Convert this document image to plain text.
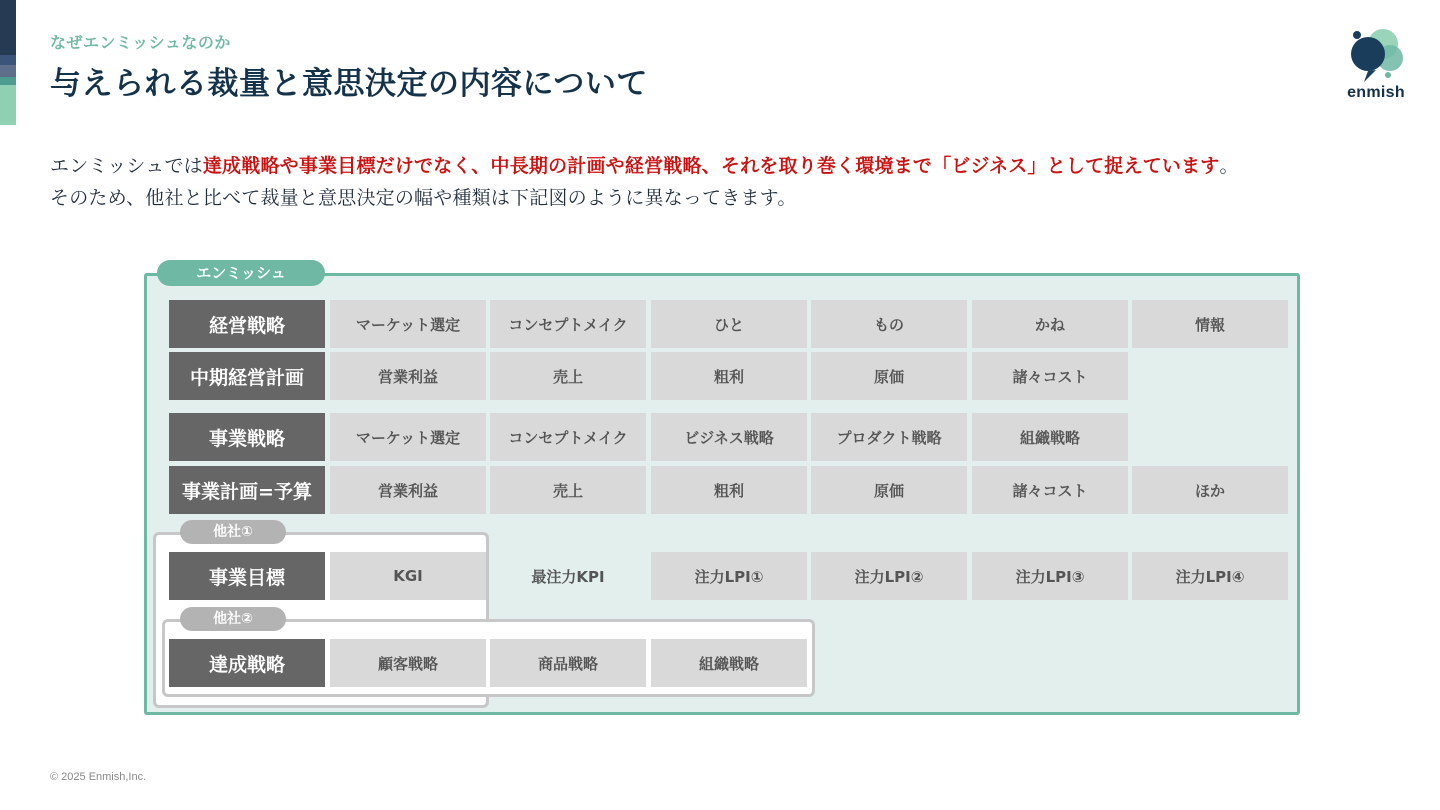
なぜエンミッシュなのか
与えられる裁量と意思決定の内容について	enmish
エンミッシュでは達成戦略や事業目標だけでなく、中長期の計画や経営戦略、それを取り巻く環境まで「ビジネス」として捉えています。
そのため、他社と比べて裁量と意思決定の幅や種類は下記図のように異なってきます。
エンミッシュ
他社①
他社②
経営戦略	マーケット選定	コンセプトメイク	ひと	もの	かね	情報
中期経営計画	営業利益	売上	粗利	原価	諸々コスト
事業戦略	マーケット選定	コンセプトメイク	ビジネス戦略	プロダクト戦略	組織戦略
事業計画=予算	営業利益	売上	粗利	原価	諸々コスト	ほか
事業目標	KGI	最注力KPI	注力LPI①	注力LPI②	注力LPI③	注力LPI④
達成戦略	顧客戦略	商品戦略	組織戦略
© 2025 Enmish,Inc.
